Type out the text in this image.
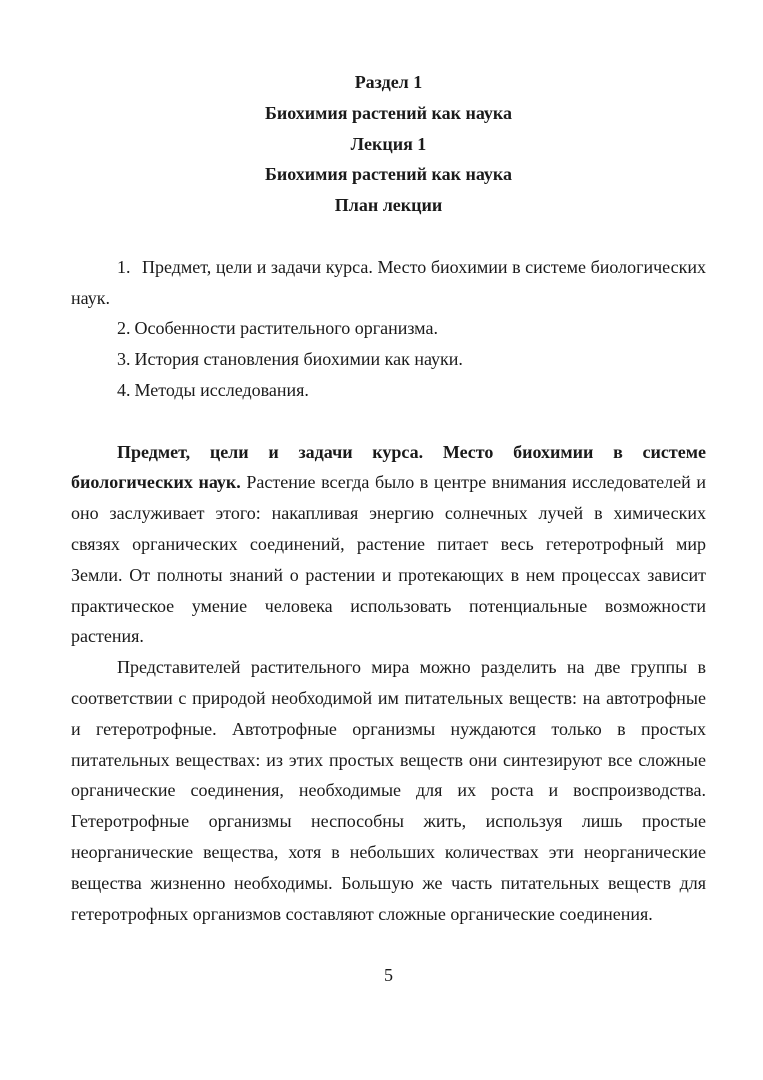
Раздел 1

Биохимия растений как наука

Лекция 1

Биохимия растений как наука

План лекции

1. Предмет, цели и задачи курса. Место биохимии в системе биологических наук.

2. Особенности растительного организма.

3. История становления биохимии как науки.

4. Методы исследования.

Предмет, цели и задачи курса. Место биохимии в системе биологических наук. Растение всегда было в центре внимания исследователей и оно заслуживает этого: накапливая энергию солнечных лучей в химических связях органических соединений, растение питает весь гетеротрофный мир Земли. От полноты знаний о растении и протекающих в нем процессах зависит практическое умение человека использовать потенциальные возможности растения.

Представителей растительного мира можно разделить на две группы в соответствии с природой необходимой им питательных веществ: на автотрофные и гетеротрофные. Автотрофные организмы нуждаются только в простых питательных веществах: из этих простых веществ они синтезируют все сложные органические соединения, необходимые для их роста и воспроизводства. Гетеротрофные организмы неспособны жить, используя лишь простые неорганические вещества, хотя в небольших количествах эти неорганические вещества жизненно необходимы. Большую же часть питательных веществ для гетеротрофных организмов составляют сложные органические соединения.

5
